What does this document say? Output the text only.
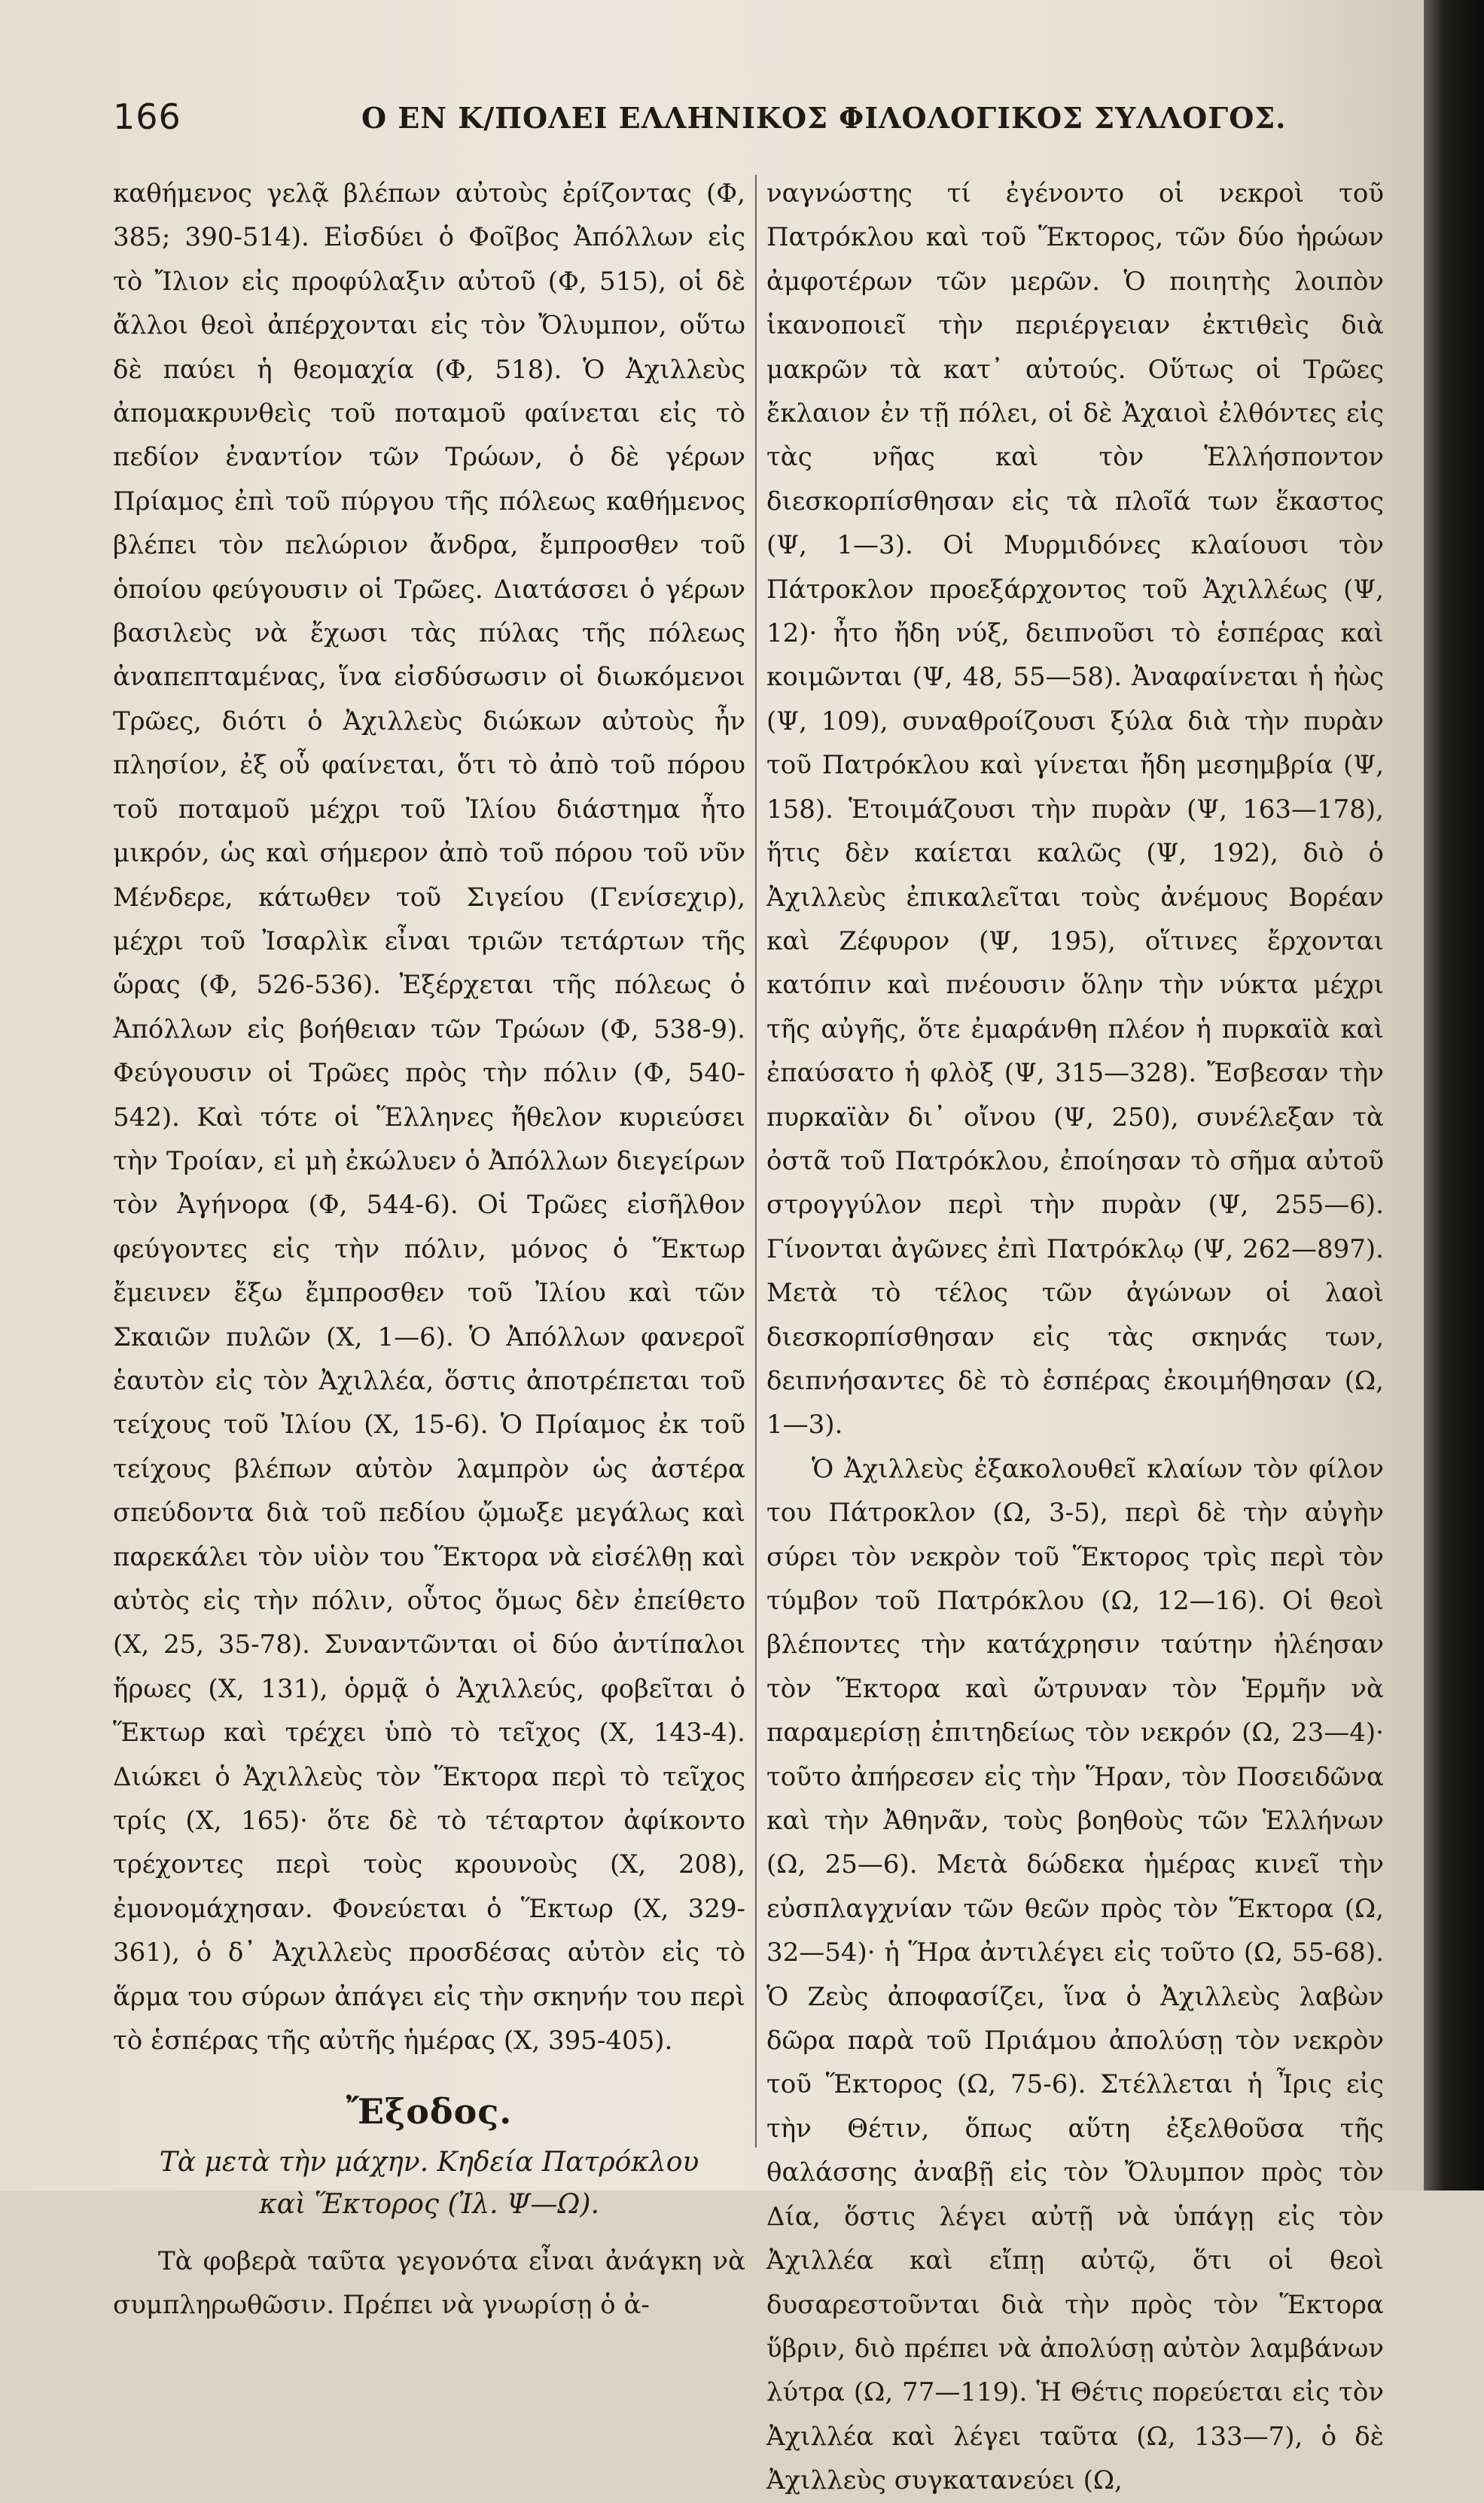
166	Ο ΕΝ Κ/ΠΟΛΕΙ ΕΛΛΗΝΙΚΟΣ ΦΙΛΟΛΟΓΙΚΟΣ ΣΥΛΛΟΓΟΣ.

καθήμενος γελᾷ βλέπων αὐτοὺς ἐρίζοντας (Φ, 385; 390-514). Εἰσδύει ὁ Φοῖβος Ἀπόλλων εἰς τὸ Ἴλιον εἰς προφύλαξιν αὐτοῦ (Φ, 515), οἱ δὲ ἄλλοι θεοὶ ἀπέρχονται εἰς τὸν Ὄλυμπον, οὕτω δὲ παύει ἡ θεομαχία (Φ, 518). Ὁ Ἀχιλλεὺς ἀπομακρυνθεὶς τοῦ ποταμοῦ φαίνεται εἰς τὸ πεδίον ἐναντίον τῶν Τρώων, ὁ δὲ γέρων Πρίαμος ἐπὶ τοῦ πύργου τῆς πόλεως καθήμενος βλέπει τὸν πελώριον ἄνδρα, ἔμπροσθεν τοῦ ὁποίου φεύγουσιν οἱ Τρῶες. Διατάσσει ὁ γέρων βασιλεὺς νὰ ἔχωσι τὰς πύλας τῆς πόλεως ἀναπεπταμένας, ἵνα εἰσδύσωσιν οἱ διωκόμενοι Τρῶες, διότι ὁ Ἀχιλλεὺς διώκων αὐτοὺς ἦν πλησίον, ἐξ οὗ φαίνεται, ὅτι τὸ ἀπὸ τοῦ πόρου τοῦ ποταμοῦ μέχρι τοῦ Ἰλίου διάστημα ἦτο μικρόν, ὡς καὶ σήμερον ἀπὸ τοῦ πόρου τοῦ νῦν Μένδερε, κάτωθεν τοῦ Σιγείου (Γενίσεχιρ), μέχρι τοῦ Ἰσαρλὶκ εἶναι τριῶν τετάρτων τῆς ὥρας (Φ, 526-536). Ἐξέρχεται τῆς πόλεως ὁ Ἀπόλλων εἰς βοήθειαν τῶν Τρώων (Φ, 538-9). Φεύγουσιν οἱ Τρῶες πρὸς τὴν πόλιν (Φ, 540-542). Καὶ τότε οἱ Ἕλληνες ἤθελον κυριεύσει τὴν Τροίαν, εἰ μὴ ἐκώλυεν ὁ Ἀπόλλων διεγείρων τὸν Ἀγήνορα (Φ, 544-6). Οἱ Τρῶες εἰσῆλθον φεύγοντες εἰς τὴν πόλιν, μόνος ὁ Ἕκτωρ ἔμεινεν ἔξω ἔμπροσθεν τοῦ Ἰλίου καὶ τῶν Σκαιῶν πυλῶν (Χ, 1—6). Ὁ Ἀπόλλων φανεροῖ ἑαυτὸν εἰς τὸν Ἀχιλλέα, ὅστις ἀποτρέπεται τοῦ τείχους τοῦ Ἰλίου (Χ, 15-6). Ὁ Πρίαμος ἐκ τοῦ τείχους βλέπων αὐτὸν λαμπρὸν ὡς ἀστέρα σπεύδοντα διὰ τοῦ πεδίου ᾤμωξε μεγάλως καὶ παρεκάλει τὸν υἱὸν του Ἕκτορα νὰ εἰσέλθῃ καὶ αὐτὸς εἰς τὴν πόλιν, οὗτος ὅμως δὲν ἐπείθετο (Χ, 25, 35-78). Συναντῶνται οἱ δύο ἀντίπαλοι ἥρωες (Χ, 131), ὁρμᾷ ὁ Ἀχιλλεύς, φοβεῖται ὁ Ἕκτωρ καὶ τρέχει ὑπὸ τὸ τεῖχος (Χ, 143-4). Διώκει ὁ Ἀχιλλεὺς τὸν Ἕκτορα περὶ τὸ τεῖχος τρίς (Χ, 165)· ὅτε δὲ τὸ τέταρτον ἀφίκοντο τρέχοντες περὶ τοὺς κρουνοὺς (Χ, 208), ἐμονομάχησαν. Φονεύεται ὁ Ἕκτωρ (Χ, 329-361), ὁ δ᾽ Ἀχιλλεὺς προσδέσας αὐτὸν εἰς τὸ ἅρμα του σύρων ἀπάγει εἰς τὴν σκηνήν του περὶ τὸ ἑσπέρας τῆς αὐτῆς ἡμέρας (Χ, 395-405).

Ἔξοδος.
Τὰ μετὰ τὴν μάχην. Κηδεία Πατρόκλου
καὶ Ἕκτορος (Ἰλ. Ψ—Ω).

Τὰ φοβερὰ ταῦτα γεγονότα εἶναι ἀνάγκη νὰ συμπληρωθῶσιν. Πρέπει νὰ γνωρίσῃ ὁ ἀ-

ναγνώστης τί ἐγένοντο οἱ νεκροὶ τοῦ Πατρόκλου καὶ τοῦ Ἕκτορος, τῶν δύο ἡρώων ἀμφοτέρων τῶν μερῶν. Ὁ ποιητὴς λοιπὸν ἱκανοποιεῖ τὴν περιέργειαν ἐκτιθεὶς διὰ μακρῶν τὰ κατ᾽ αὐτούς. Οὕτως οἱ Τρῶες ἔκλαιον ἐν τῇ πόλει, οἱ δὲ Ἀχαιοὶ ἐλθόντες εἰς τὰς νῆας καὶ τὸν Ἑλλήσποντον διεσκορπίσθησαν εἰς τὰ πλοῖά των ἕκαστος (Ψ, 1—3). Οἱ Μυρμιδόνες κλαίουσι τὸν Πάτροκλον προεξάρχοντος τοῦ Ἀχιλλέως (Ψ, 12)· ἦτο ἤδη νύξ, δειπνοῦσι τὸ ἑσπέρας καὶ κοιμῶνται (Ψ, 48, 55—58). Ἀναφαίνεται ἡ ἠὼς (Ψ, 109), συναθροίζουσι ξύλα διὰ τὴν πυρὰν τοῦ Πατρόκλου καὶ γίνεται ἤδη μεσημβρία (Ψ, 158). Ἑτοιμάζουσι τὴν πυρὰν (Ψ, 163—178), ἥτις δὲν καίεται καλῶς (Ψ, 192), διὸ ὁ Ἀχιλλεὺς ἐπικαλεῖται τοὺς ἀνέμους Βορέαν καὶ Ζέφυρον (Ψ, 195), οἵτινες ἔρχονται κατόπιν καὶ πνέουσιν ὅλην τὴν νύκτα μέχρι τῆς αὐγῆς, ὅτε ἐμαράνθη πλέον ἡ πυρκαϊὰ καὶ ἐπαύσατο ἡ φλὸξ (Ψ, 315—328). Ἔσβεσαν τὴν πυρκαϊὰν δι᾽ οἴνου (Ψ, 250), συνέλεξαν τὰ ὀστᾶ τοῦ Πατρόκλου, ἐποίησαν τὸ σῆμα αὐτοῦ στρογγύλον περὶ τὴν πυρὰν (Ψ, 255—6). Γίνονται ἀγῶνες ἐπὶ Πατρόκλῳ (Ψ, 262—897). Μετὰ τὸ τέλος τῶν ἀγώνων οἱ λαοὶ διεσκορπίσθησαν εἰς τὰς σκηνάς των, δειπνήσαντες δὲ τὸ ἑσπέρας ἐκοιμήθησαν (Ω, 1—3).

Ὁ Ἀχιλλεὺς ἐξακολουθεῖ κλαίων τὸν φίλον του Πάτροκλον (Ω, 3-5), περὶ δὲ τὴν αὐγὴν σύρει τὸν νεκρὸν τοῦ Ἕκτορος τρὶς περὶ τὸν τύμβον τοῦ Πατρόκλου (Ω, 12—16). Οἱ θεοὶ βλέποντες τὴν κατάχρησιν ταύτην ἠλέησαν τὸν Ἕκτορα καὶ ὤτρυναν τὸν Ἑρμῆν νὰ παραμερίσῃ ἐπιτηδείως τὸν νεκρόν (Ω, 23—4)· τοῦτο ἀπήρεσεν εἰς τὴν Ἥραν, τὸν Ποσειδῶνα καὶ τὴν Ἀθηνᾶν, τοὺς βοηθοὺς τῶν Ἑλλήνων (Ω, 25—6). Μετὰ δώδεκα ἡμέρας κινεῖ τὴν εὐσπλαγχνίαν τῶν θεῶν πρὸς τὸν Ἕκτορα (Ω, 32—54)· ἡ Ἥρα ἀντιλέγει εἰς τοῦτο (Ω, 55-68). Ὁ Ζεὺς ἀποφασίζει, ἵνα ὁ Ἀχιλλεὺς λαβὼν δῶρα παρὰ τοῦ Πριάμου ἀπολύσῃ τὸν νεκρὸν τοῦ Ἕκτορος (Ω, 75-6). Στέλλεται ἡ Ἶρις εἰς τὴν Θέτιν, ὅπως αὕτη ἐξελθοῦσα τῆς θαλάσσης ἀναβῇ εἰς τὸν Ὄλυμπον πρὸς τὸν Δία, ὅστις λέγει αὐτῇ νὰ ὑπάγῃ εἰς τὸν Ἀχιλλέα καὶ εἴπῃ αὐτῷ, ὅτι οἱ θεοὶ δυσαρεστοῦνται διὰ τὴν πρὸς τὸν Ἕκτορα ὕβριν, διὸ πρέπει νὰ ἀπολύσῃ αὐτὸν λαμβάνων λύτρα (Ω, 77—119). Ἡ Θέτις πορεύεται εἰς τὸν Ἀχιλλέα καὶ λέγει ταῦτα (Ω, 133—7), ὁ δὲ Ἀχιλλεὺς συγκατανεύει (Ω,
